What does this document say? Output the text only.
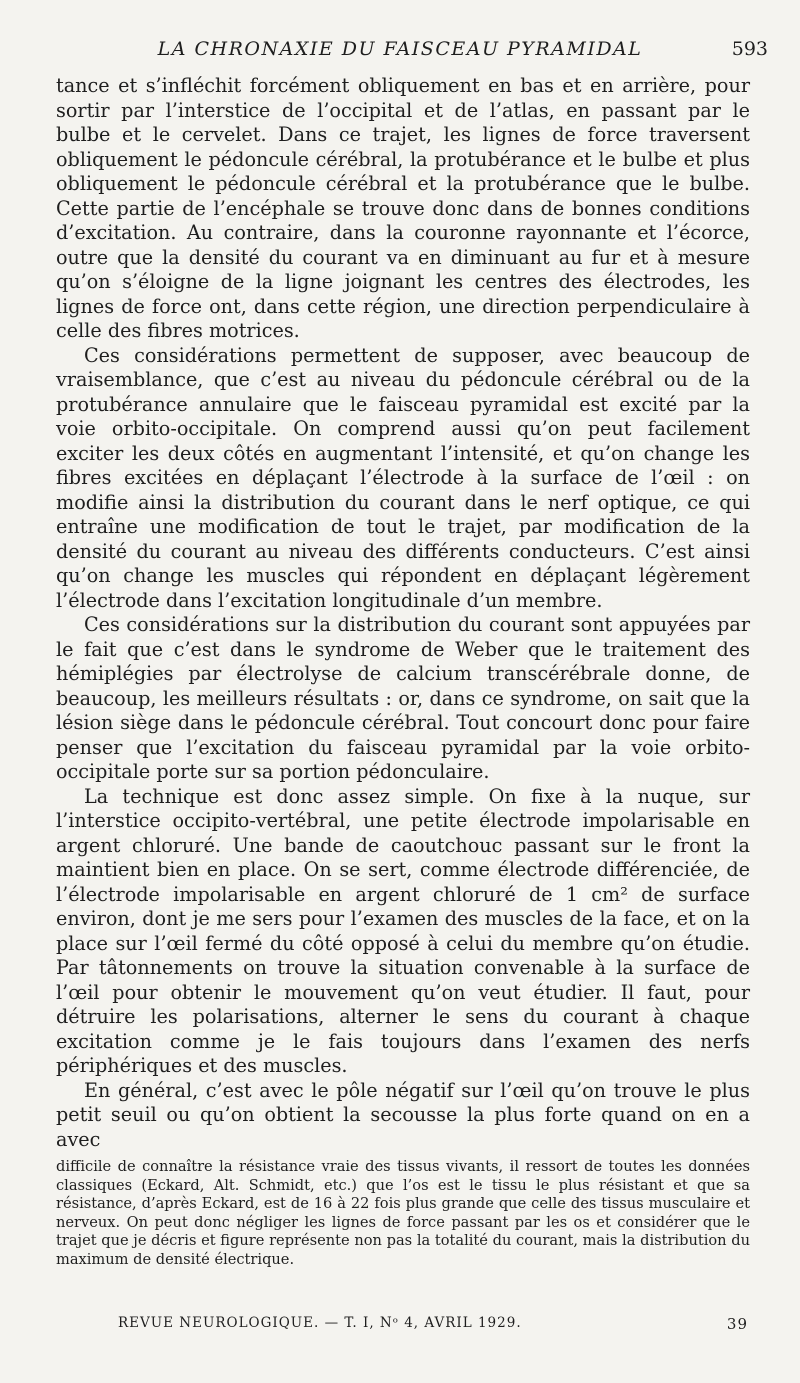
LA CHRONAXIE DU FAISCEAU PYRAMIDAL	593

tance et s’infléchit forcément obliquement en bas et en arrière, pour sortir par l’interstice de l’occipital et de l’atlas, en passant par le bulbe et le cervelet. Dans ce trajet, les lignes de force traversent obliquement le pédoncule cérébral, la protubérance et le bulbe et plus obliquement le pédoncule cérébral et la protubérance que le bulbe. Cette partie de l’encéphale se trouve donc dans de bonnes conditions d’excitation. Au contraire, dans la couronne rayonnante et l’écorce, outre que la densité du courant va en diminuant au fur et à mesure qu’on s’éloigne de la ligne joignant les centres des électrodes, les lignes de force ont, dans cette région, une direction perpendiculaire à celle des fibres motrices.

Ces considérations permettent de supposer, avec beaucoup de vraisemblance, que c’est au niveau du pédoncule cérébral ou de la protubérance annulaire que le faisceau pyramidal est excité par la voie orbito-occipitale. On comprend aussi qu’on peut facilement exciter les deux côtés en augmentant l’intensité, et qu’on change les fibres excitées en déplaçant l’électrode à la surface de l’œil : on modifie ainsi la distribution du courant dans le nerf optique, ce qui entraîne une modification de tout le trajet, par modification de la densité du courant au niveau des différents conducteurs. C’est ainsi qu’on change les muscles qui répondent en déplaçant légèrement l’électrode dans l’excitation longitudinale d’un membre.

Ces considérations sur la distribution du courant sont appuyées par le fait que c’est dans le syndrome de Weber que le traitement des hémiplégies par électrolyse de calcium transcérébrale donne, de beaucoup, les meilleurs résultats : or, dans ce syndrome, on sait que la lésion siège dans le pédoncule cérébral. Tout concourt donc pour faire penser que l’excitation du faisceau pyramidal par la voie orbito-occipitale porte sur sa portion pédonculaire.

La technique est donc assez simple. On fixe à la nuque, sur l’interstice occipito-vertébral, une petite électrode impolarisable en argent chloruré. Une bande de caoutchouc passant sur le front la maintient bien en place. On se sert, comme électrode différenciée, de l’électrode impolarisable en argent chloruré de 1 cm² de surface environ, dont je me sers pour l’examen des muscles de la face, et on la place sur l’œil fermé du côté opposé à celui du membre qu’on étudie. Par tâtonnements on trouve la situation convenable à la surface de l’œil pour obtenir le mouvement qu’on veut étudier. Il faut, pour détruire les polarisations, alterner le sens du courant à chaque excitation comme je le fais toujours dans l’examen des nerfs périphériques et des muscles.

En général, c’est avec le pôle négatif sur l’œil qu’on trouve le plus petit seuil ou qu’on obtient la secousse la plus forte quand on en a avec

difficile de connaître la résistance vraie des tissus vivants, il ressort de toutes les données classiques (Eckard, Alt. Schmidt, etc.) que l’os est le tissu le plus résistant et que sa résistance, d’après Eckard, est de 16 à 22 fois plus grande que celle des tissus musculaire et nerveux. On peut donc négliger les lignes de force passant par les os et considérer que le trajet que je décris et figure représente non pas la totalité du courant, mais la distribution du maximum de densité électrique.

REVUE NEUROLOGIQUE. — T. I, Nᵒ 4, AVRIL 1929.	39
